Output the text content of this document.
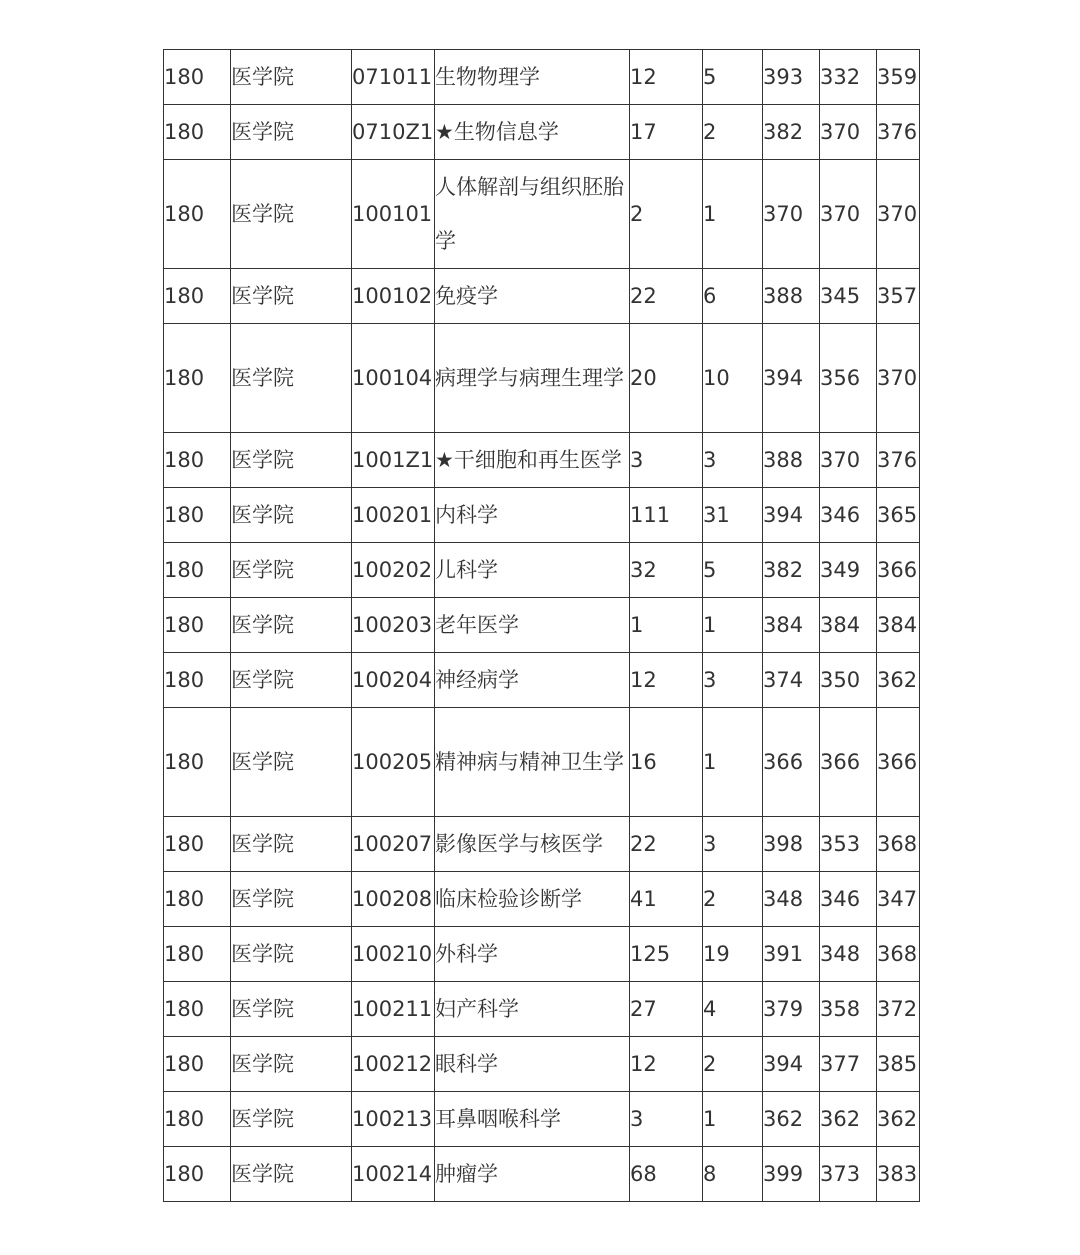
180	医学院	071011	生物物理学	12	5	393	332	359
180	医学院	0710Z1	★生物信息学	17	2	382	370	376
180	医学院	100101	人体解剖与组织胚胎学	2	1	370	370	370
180	医学院	100102	免疫学	22	6	388	345	357
180	医学院	100104	病理学与病理生理学	20	10	394	356	370
180	医学院	1001Z1	★干细胞和再生医学	3	3	388	370	376
180	医学院	100201	内科学	111	31	394	346	365
180	医学院	100202	儿科学	32	5	382	349	366
180	医学院	100203	老年医学	1	1	384	384	384
180	医学院	100204	神经病学	12	3	374	350	362
180	医学院	100205	精神病与精神卫生学	16	1	366	366	366
180	医学院	100207	影像医学与核医学	22	3	398	353	368
180	医学院	100208	临床检验诊断学	41	2	348	346	347
180	医学院	100210	外科学	125	19	391	348	368
180	医学院	100211	妇产科学	27	4	379	358	372
180	医学院	100212	眼科学	12	2	394	377	385
180	医学院	100213	耳鼻咽喉科学	3	1	362	362	362
180	医学院	100214	肿瘤学	68	8	399	373	383
